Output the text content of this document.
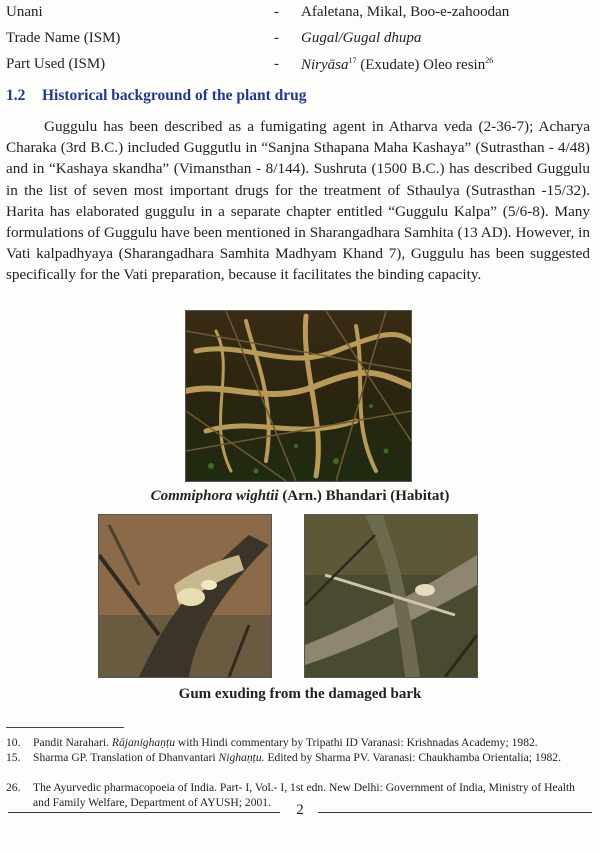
Unani	- Afaletana, Mikal, Boo-e-zahoodan
Trade Name (ISM)	- Gugal/Gugal dhupa
Part Used (ISM)	- Niryāsa$^{17}$ (Exudate) Oleo resin$^{26}$
1.2 Historical background of the plant drug

Guggulu has been described as a fumigating agent in Atharva veda (2-36-7); Acharya Charaka (3rd B.C.) included Guggutlu in “Sanjna Sthapana Maha Kashaya” (Sutrasthan - 4/48) and in “Kashaya skandha” (Vimansthan - 8/144). Sushruta (1500 B.C.) has described Guggulu in the list of seven most important drugs for the treatment of Sthaulya (Sutrasthan -15/32). Harita has elaborated guggulu in a separate chapter entitled “Guggulu Kalpa” (5/6-8). Many formulations of Guggulu have been mentioned in Sharangadhara Samhita (13 AD). However, in Vati kalpadhyaya (Sharangadhara Samhita Madhyam Khand 7), Guggulu has been suggested specifically for the Vati preparation, because it facilitates the binding capacity.

Commiphora wightii (Arn.) Bhandari (Habitat)
Gum exuding from the damaged bark
10. Pandit Narahari. Rājanighaṇṭu with Hindi commentary by Tripathi ID Varanasi: Krishnadas Academy; 1982.
15. Sharma GP. Translation of Dhanvantari Nighaṇṭu. Edited by Sharma PV. Varanasi: Chaukhamba Orientalia; 1982.
26. The Ayurvedic pharmacopoeia of India. Part- I, Vol.- I, 1st edn. New Delhi: Government of India, Ministry of Health and Family Welfare, Department of AYUSH; 2001.	2
